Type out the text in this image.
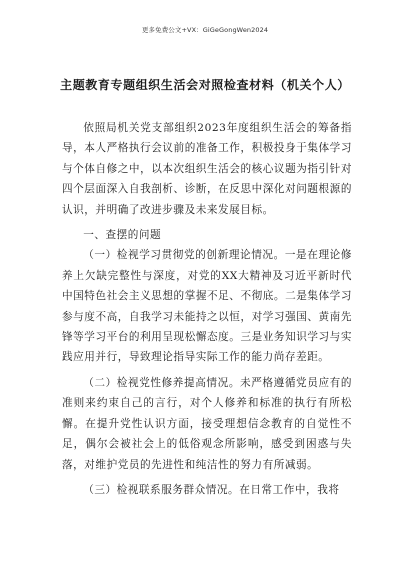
更多免费公文+VX：GiGeGongWen2024
主题教育专题组织生活会对照检查材料（机关个人）

依照局机关党支部组织2023年度组织生活会的筹备指导，本人严格执行会议前的准备工作，积极投身于集体学习与个体自修之中，以本次组织生活会的核心议题为指引针对四个层面深入自我剖析、诊断，在反思中深化对问题根源的认识，并明确了改进步骤及未来发展目标。

一、查摆的问题

（一）检视学习贯彻党的创新理论情况。一是在理论修养上欠缺完整性与深度，对党的XX大精神及习近平新时代中国特色社会主义思想的掌握不足、不彻底。二是集体学习参与度不高，自我学习未能持之以恒，对学习强国、黄南先锋等学习平台的利用呈现松懈态度。三是业务知识学习与实践应用并行，导致理论指导实际工作的能力尚存差距。

（二）检视党性修养提高情况。未严格遵循党员应有的准则来约束自己的言行，对个人修养和标准的执行有所松懈。在提升党性认识方面，接受理想信念教育的自觉性不足，偶尔会被社会上的低俗观念所影响，感受到困惑与失落，对维护党员的先进性和纯洁性的努力有所减弱。

（三）检视联系服务群众情况。在日常工作中，我将
